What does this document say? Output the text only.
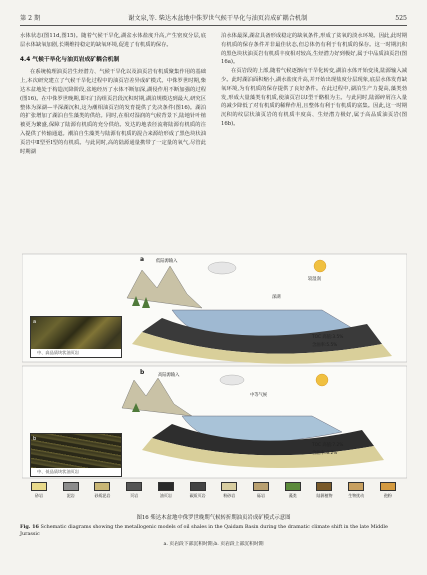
第 2 期	谢文泉,等. 柴达木盆地中侏罗世气候干旱化与油页岩成矿耦合机制	525

水体状态(图11d,图15)。随着气候干旱化,湖盆水体盐度升高,产生密度分层,底层水体缺氧加剧,长期维持稳定的缺氧环境,促进了有机质的保存。

4.4 气候干旱化与油页岩成矿耦合机制

在系统梳理油页岩生烃潜力、气候干旱化以及油页岩有机质聚集作用的基础上,本次研究建立了气候干旱化过程中的油页岩差异成矿模式。中侏罗世时期,柴达木盆地处于构造沉降阶段,盆地经历了水体不断加深,湖侵作用不断加强的过程(图16)。在中侏罗世晚期,即石门沟组页岩段沉积时期,湖泊规模达到最大,研究区整体为深湖—半深湖沉积,这为潮相油页岩的发育提供了先决条件(图16)。湖泊的扩张增加了湖泊自生藻类的供给。同时,在相对湿润的气候背景下,陆地针叶植被更为繁盛,保障了陆源有机质的充分供给。发达的地表径流将陆源有机质的注入提供了传输通道。潮泊自生藻类与陆源有机质的混合来源给形成了黑色块状油页岩中Ⅱ型至Ⅰ型的有机质。与此同时,高的陆源通量携带了一定量的氧气,尽管此时期湖

泊水体最深,湖盆具备形成稳定的缺氧条件,形成了贫氧的淡水环境。因此,此时期有机质的保存条件并非最佳状态,但总体仍有利于有机质的保存。这一时期沉积的黑色块状油页岩有机质丰度相对较高,生烃潜力好到极好,属于中品质油页岩(图16a)。

在页岩段的上部,随着气候逐渐向干旱化转变,湖泊水体开始变浅,陆源输入减少。此时湖泊面积缩小,湖水盐度升高,并开始出现盐度分层现象,底层水体发育缺氧环境,为有机质的保存提供了良好条件。在此过程中,湖泊生产力提高,藻类勃发,形成大量藻类有机质,使油页岩以Ⅰ型干酪根为主。与此同时,陆源碎屑注入量的减少降低了对有机质的稀释作用,且整体有利于有机质的富集。因此,这一时期沉积的纹层状油页岩的有机质丰度高、生烃潜力极好,属于高品质油页岩(图16b)。

低陆源输入
深湖
TOC 高值:3.5%
含油率:5.5%
较湿润
高陆源输入
中等气候
TOC 高值:7.2%
含油率:8.2%
a
b
a
中、高品质块状油页岩
b
中、低品质块状油页岩
砂岩	泥岩	砂质泥岩	页岩	油页岩	碳质页岩	粉砂岩	砾岩	藻类	陆源植物	生物扰动	孢粉
图16 柴达木盆地中侏罗世晚期气候转折期油页岩成矿模式示意图
Fig. 16 Schematic diagrams showing the metallogenic models of oil shales in the Qaidam Basin during the dramatic climate shift in the late Middle Jurassic
a. 页岩段下部沉积时期;b. 页岩段上部沉积时期
